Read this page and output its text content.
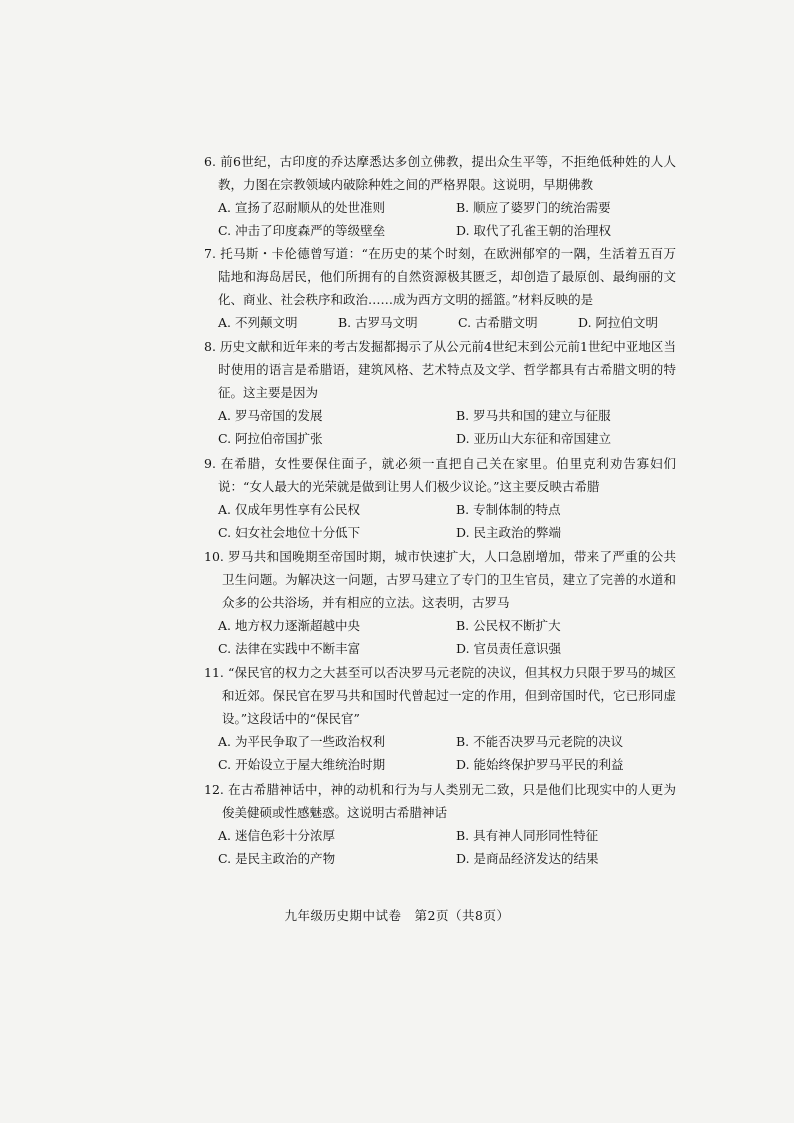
6. 前6世纪，古印度的乔达摩悉达多创立佛教，提出众生平等，不拒绝低种姓的人人教，力图在宗教领域内破除种姓之间的严格界限。这说明，早期佛教

A. 宣扬了忍耐顺从的处世准则	B. 顺应了婆罗门的统治需要
C. 冲击了印度森严的等级壁垒	D. 取代了孔雀王朝的治理权

7. 托马斯・卡伦德曾写道：“在历史的某个时刻，在欧洲郁窄的一隅，生活着五百万陆地和海岛居民，他们所拥有的自然资源极其匮乏，却创造了最原创、最绚丽的文化、商业、社会秩序和政治……成为西方文明的摇篮。”材料反映的是

A. 不列颠文明	B. 古罗马文明	C. 古希腊文明	D. 阿拉伯文明

8. 历史文献和近年来的考古发掘都揭示了从公元前4世纪末到公元前1世纪中亚地区当时使用的语言是希腊语，建筑风格、艺术特点及文学、哲学都具有古希腊文明的特征。这主要是因为

A. 罗马帝国的发展	B. 罗马共和国的建立与征服
C. 阿拉伯帝国扩张	D. 亚历山大东征和帝国建立

9. 在希腊，女性要保住面子，就必须一直把自己关在家里。伯里克利劝告寡妇们说：“女人最大的光荣就是做到让男人们极少议论。”这主要反映古希腊

A. 仅成年男性享有公民权	B. 专制体制的特点
C. 妇女社会地位十分低下	D. 民主政治的弊端

10. 罗马共和国晚期至帝国时期，城市快速扩大，人口急剧增加，带来了严重的公共卫生问题。为解决这一问题，古罗马建立了专门的卫生官员，建立了完善的水道和众多的公共浴场，并有相应的立法。这表明，古罗马

A. 地方权力逐渐超越中央	B. 公民权不断扩大
C. 法律在实践中不断丰富	D. 官员责任意识强

11. “保民官的权力之大甚至可以否决罗马元老院的决议，但其权力只限于罗马的城区和近郊。保民官在罗马共和国时代曾起过一定的作用，但到帝国时代，它已形同虚设。”这段话中的“保民官”

A. 为平民争取了一些政治权利	B. 不能否决罗马元老院的决议
C. 开始设立于屋大维统治时期	D. 能始终保护罗马平民的利益

12. 在古希腊神话中，神的动机和行为与人类别无二致，只是他们比现实中的人更为俊美健硕或性感魅惑。这说明古希腊神话

A. 迷信色彩十分浓厚	B. 具有神人同形同性特征
C. 是民主政治的产物	D. 是商品经济发达的结果
九年级历史期中试卷　第2页（共8页）
